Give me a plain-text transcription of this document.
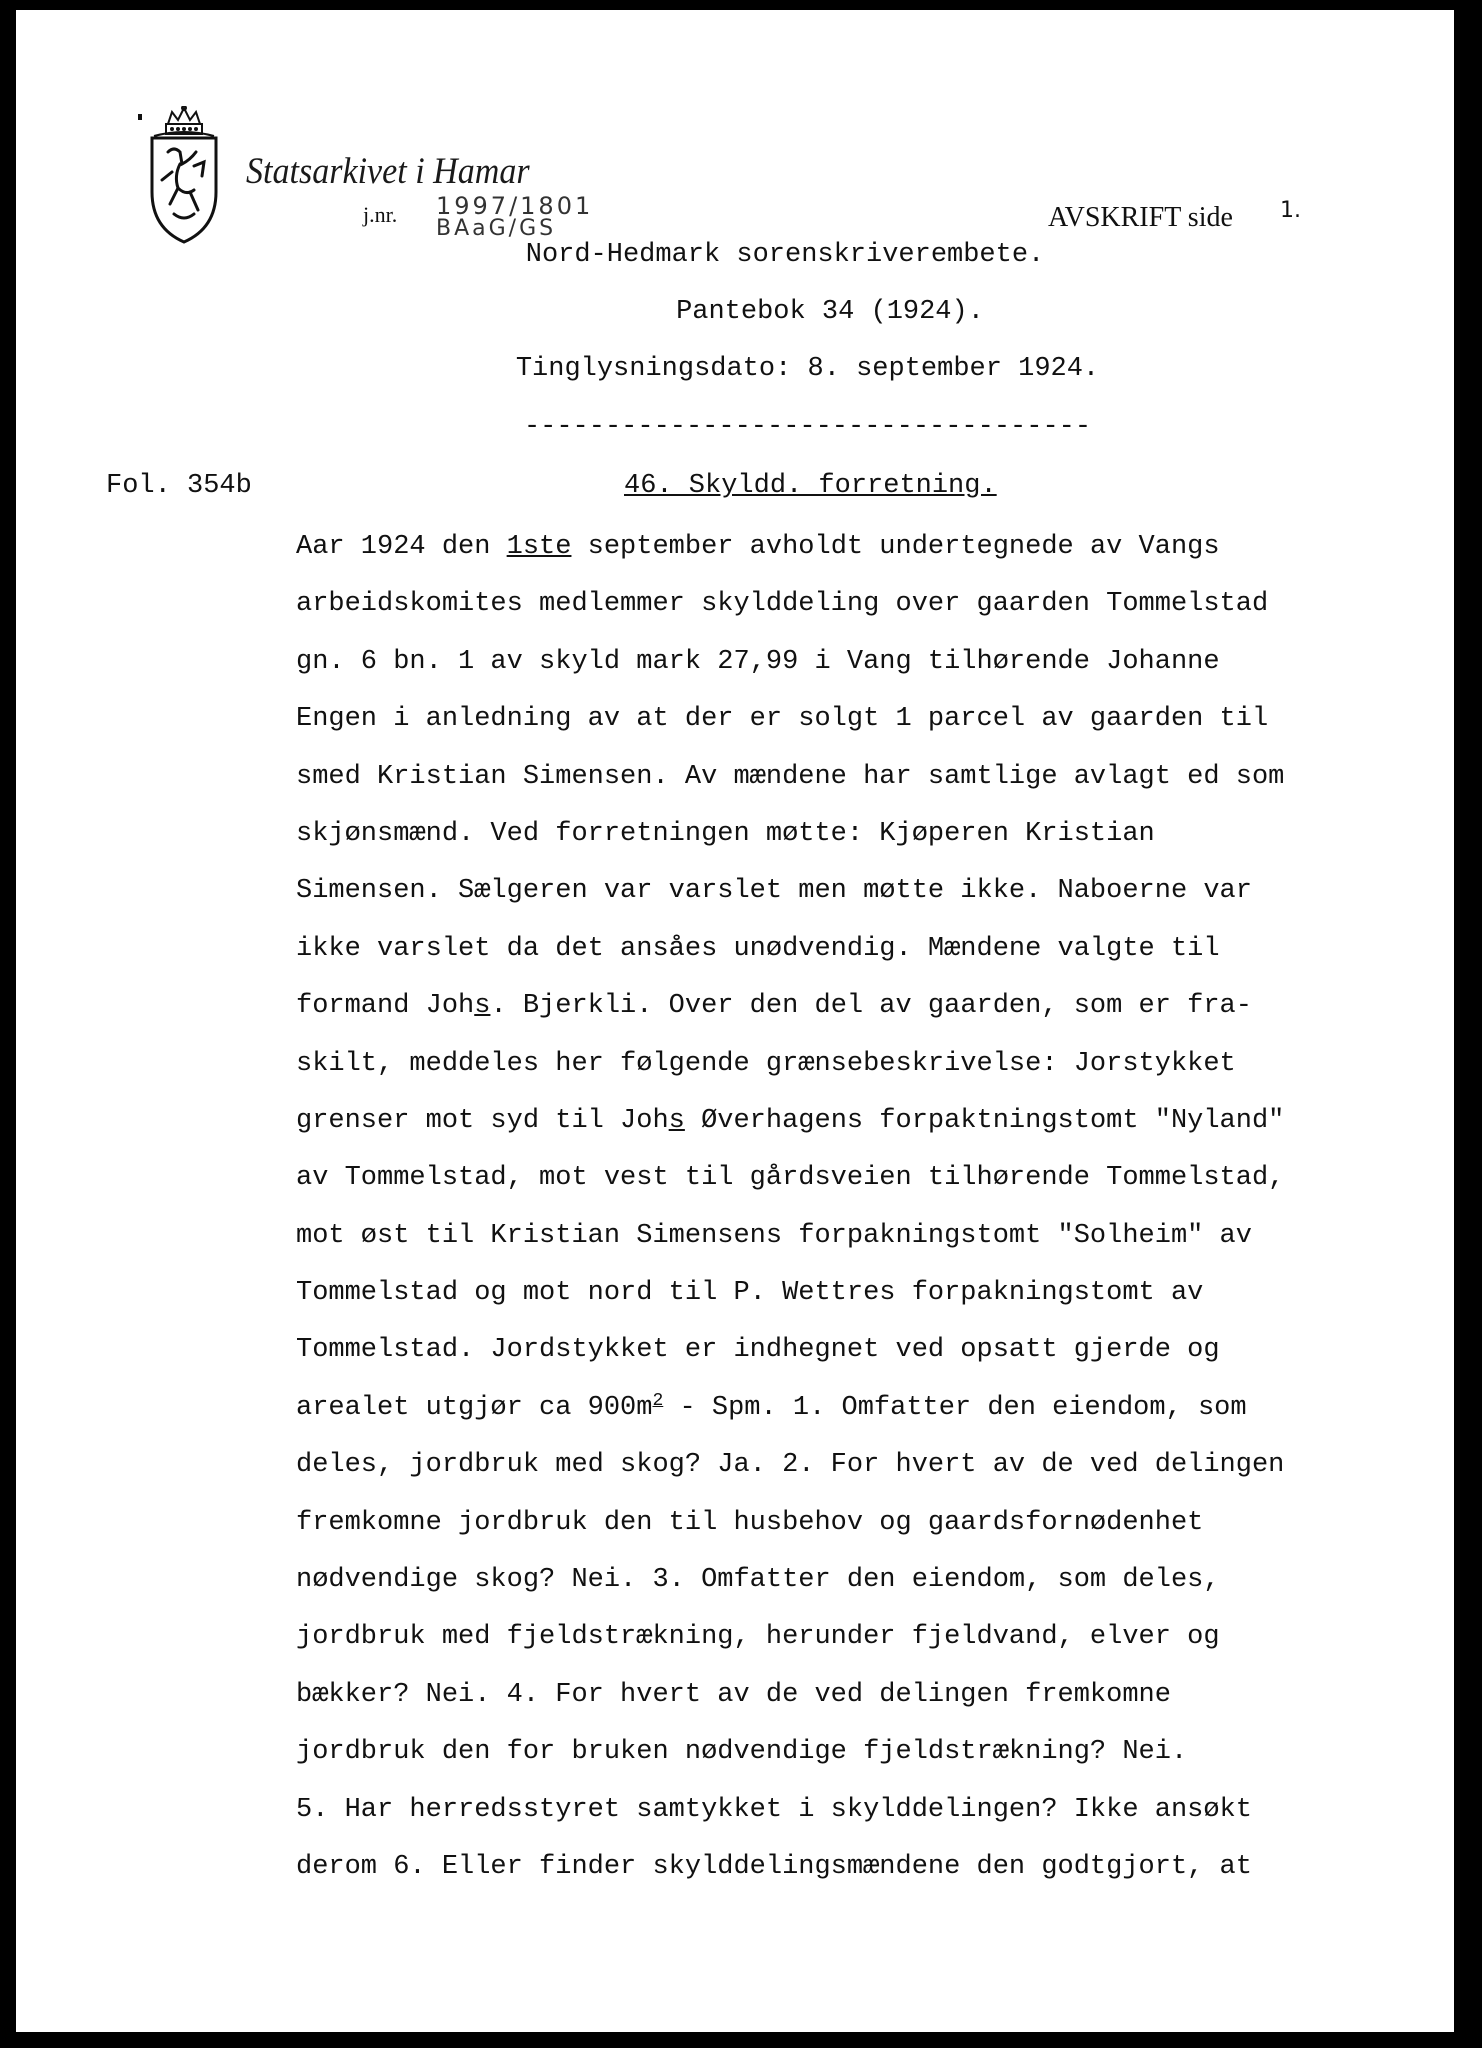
Statsarkivet i Hamar
j.nr. 1997/1801
BAaG/GS	AVSKRIFT side 1.
Nord-Hedmark sorenskriverembete.
Pantebok 34 (1924).
Tinglysningsdato: 8. september 1924.
-----------------------------------
Fol. 354b	46. Skyldd. forretning.
Aar 1924 den 1ste september avholdt undertegnede av Vangs
arbeidskomites medlemmer skylddeling over gaarden Tommelstad
gn. 6 bn. 1 av skyld mark 27,99 i Vang tilhørende Johanne
Engen i anledning av at der er solgt 1 parcel av gaarden til
smed Kristian Simensen. Av mændene har samtlige avlagt ed som
skjønsmænd. Ved forretningen møtte: Kjøperen Kristian
Simensen. Sælgeren var varslet men møtte ikke. Naboerne var
ikke varslet da det ansåes unødvendig. Mændene valgte til
formand Johs. Bjerkli. Over den del av gaarden, som er fra-
skilt, meddeles her følgende grænsebeskrivelse: Jorstykket
grenser mot syd til Johs Øverhagens forpaktningstomt "Nyland"
av Tommelstad, mot vest til gårdsveien tilhørende Tommelstad,
mot øst til Kristian Simensens forpakningstomt "Solheim" av
Tommelstad og mot nord til P. Wettres forpakningstomt av
Tommelstad. Jordstykket er indhegnet ved opsatt gjerde og
arealet utgjør ca $900m^2$ - Spm. 1. Omfatter den eiendom, som
deles, jordbruk med skog? Ja. 2. For hvert av de ved delingen
fremkomne jordbruk den til husbehov og gaardsfornødenhet
nødvendige skog? Nei. 3. Omfatter den eiendom, som deles,
jordbruk med fjeldstrækning, herunder fjeldvand, elver og
bækker? Nei. 4. For hvert av de ved delingen fremkomne
jordbruk den for bruken nødvendige fjeldstrækning? Nei.
5. Har herredsstyret samtykket i skylddelingen? Ikke ansøkt
derom 6. Eller finder skylddelingsmændene den godtgjort, at
